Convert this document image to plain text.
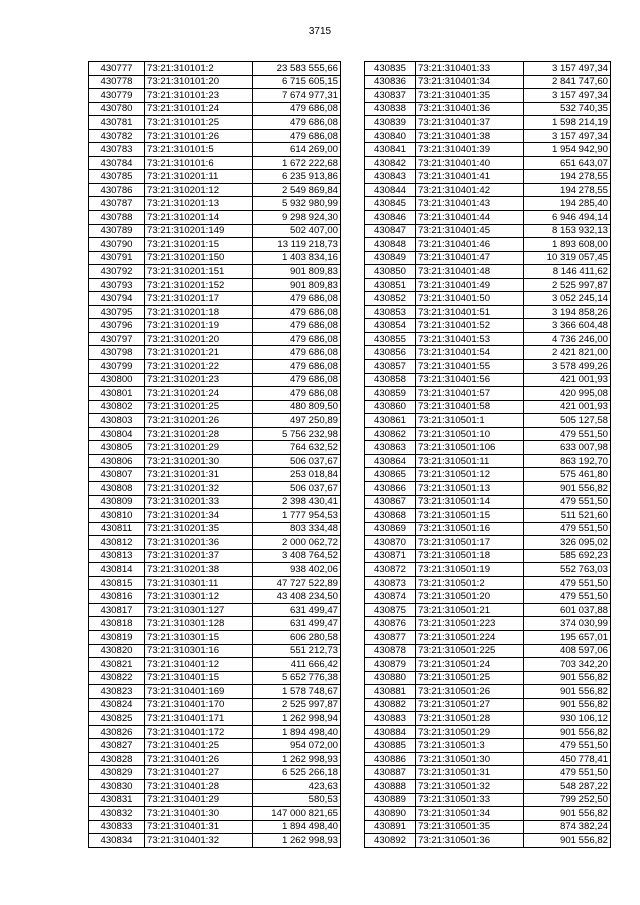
3715
430777	73:21:310101:2	23 583 555,66
430778	73:21:310101:20	6 715 605,15
430779	73:21:310101:23	7 674 977,31
430780	73:21:310101:24	479 686,08
430781	73:21:310101:25	479 686,08
430782	73:21:310101:26	479 686,08
430783	73:21:310101:5	614 269,00
430784	73:21:310101:6	1 672 222,68
430785	73:21:310201:11	6 235 913,86
430786	73:21:310201:12	2 549 869,84
430787	73:21:310201:13	5 932 980,99
430788	73:21:310201:14	9 298 924,30
430789	73:21:310201:149	502 407,00
430790	73:21:310201:15	13 119 218,73
430791	73:21:310201:150	1 403 834,16
430792	73:21:310201:151	901 809,83
430793	73:21:310201:152	901 809,83
430794	73:21:310201:17	479 686,08
430795	73:21:310201:18	479 686,08
430796	73:21:310201:19	479 686,08
430797	73:21:310201:20	479 686,08
430798	73:21:310201:21	479 686,08
430799	73:21:310201:22	479 686,08
430800	73:21:310201:23	479 686,08
430801	73:21:310201:24	479 686,08
430802	73:21:310201:25	480 809,50
430803	73:21:310201:26	497 250,89
430804	73:21:310201:28	5 756 232,98
430805	73:21:310201:29	764 632,52
430806	73:21:310201:30	506 037,67
430807	73:21:310201:31	253 018,84
430808	73:21:310201:32	506 037,67
430809	73:21:310201:33	2 398 430,41
430810	73:21:310201:34	1 777 954,53
430811	73:21:310201:35	803 334,48
430812	73:21:310201:36	2 000 062,72
430813	73:21:310201:37	3 408 764,52
430814	73:21:310201:38	938 402,06
430815	73:21:310301:11	47 727 522,89
430816	73:21:310301:12	43 408 234,50
430817	73:21:310301:127	631 499,47
430818	73:21:310301:128	631 499,47
430819	73:21:310301:15	606 280,58
430820	73:21:310301:16	551 212,73
430821	73:21:310401:12	411 666,42
430822	73:21:310401:15	5 652 776,38
430823	73:21:310401:169	1 578 748,67
430824	73:21:310401:170	2 525 997,87
430825	73:21:310401:171	1 262 998,94
430826	73:21:310401:172	1 894 498,40
430827	73:21:310401:25	954 072,00
430828	73:21:310401:26	1 262 998,93
430829	73:21:310401:27	6 525 266,18
430830	73:21:310401:28	423,63
430831	73:21:310401:29	580,53
430832	73:21:310401:30	147 000 821,65
430833	73:21:310401:31	1 894 498,40
430834	73:21:310401:32	1 262 998,93
430835	73:21:310401:33	3 157 497,34
430836	73:21:310401:34	2 841 747,60
430837	73:21:310401:35	3 157 497,34
430838	73:21:310401:36	532 740,35
430839	73:21:310401:37	1 598 214,19
430840	73:21:310401:38	3 157 497,34
430841	73:21:310401:39	1 954 942,90
430842	73:21:310401:40	651 643,07
430843	73:21:310401:41	194 278,55
430844	73:21:310401:42	194 278,55
430845	73:21:310401:43	194 285,40
430846	73:21:310401:44	6 946 494,14
430847	73:21:310401:45	8 153 932,13
430848	73:21:310401:46	1 893 608,00
430849	73:21:310401:47	10 319 057,45
430850	73:21:310401:48	8 146 411,62
430851	73:21:310401:49	2 525 997,87
430852	73:21:310401:50	3 052 245,14
430853	73:21:310401:51	3 194 858,26
430854	73:21:310401:52	3 366 604,48
430855	73:21:310401:53	4 736 246,00
430856	73:21:310401:54	2 421 821,00
430857	73:21:310401:55	3 578 499,26
430858	73:21:310401:56	421 001,93
430859	73:21:310401:57	420 995,08
430860	73:21:310401:58	421 001,93
430861	73:21:310501:1	505 127,58
430862	73:21:310501:10	479 551,50
430863	73:21:310501:106	633 007,98
430864	73:21:310501:11	863 192,70
430865	73:21:310501:12	575 461,80
430866	73:21:310501:13	901 556,82
430867	73:21:310501:14	479 551,50
430868	73:21:310501:15	511 521,60
430869	73:21:310501:16	479 551,50
430870	73:21:310501:17	326 095,02
430871	73:21:310501:18	585 692,23
430872	73:21:310501:19	552 763,03
430873	73:21:310501:2	479 551,50
430874	73:21:310501:20	479 551,50
430875	73:21:310501:21	601 037,88
430876	73:21:310501:223	374 030,99
430877	73:21:310501:224	195 657,01
430878	73:21:310501:225	408 597,06
430879	73:21:310501:24	703 342,20
430880	73:21:310501:25	901 556,82
430881	73:21:310501:26	901 556,82
430882	73:21:310501:27	901 556,82
430883	73:21:310501:28	930 106,12
430884	73:21:310501:29	901 556,82
430885	73:21:310501:3	479 551,50
430886	73:21:310501:30	450 778,41
430887	73:21:310501:31	479 551,50
430888	73:21:310501:32	548 287,22
430889	73:21:310501:33	799 252,50
430890	73:21:310501:34	901 556,82
430891	73:21:310501:35	874 382,24
430892	73:21:310501:36	901 556,82
